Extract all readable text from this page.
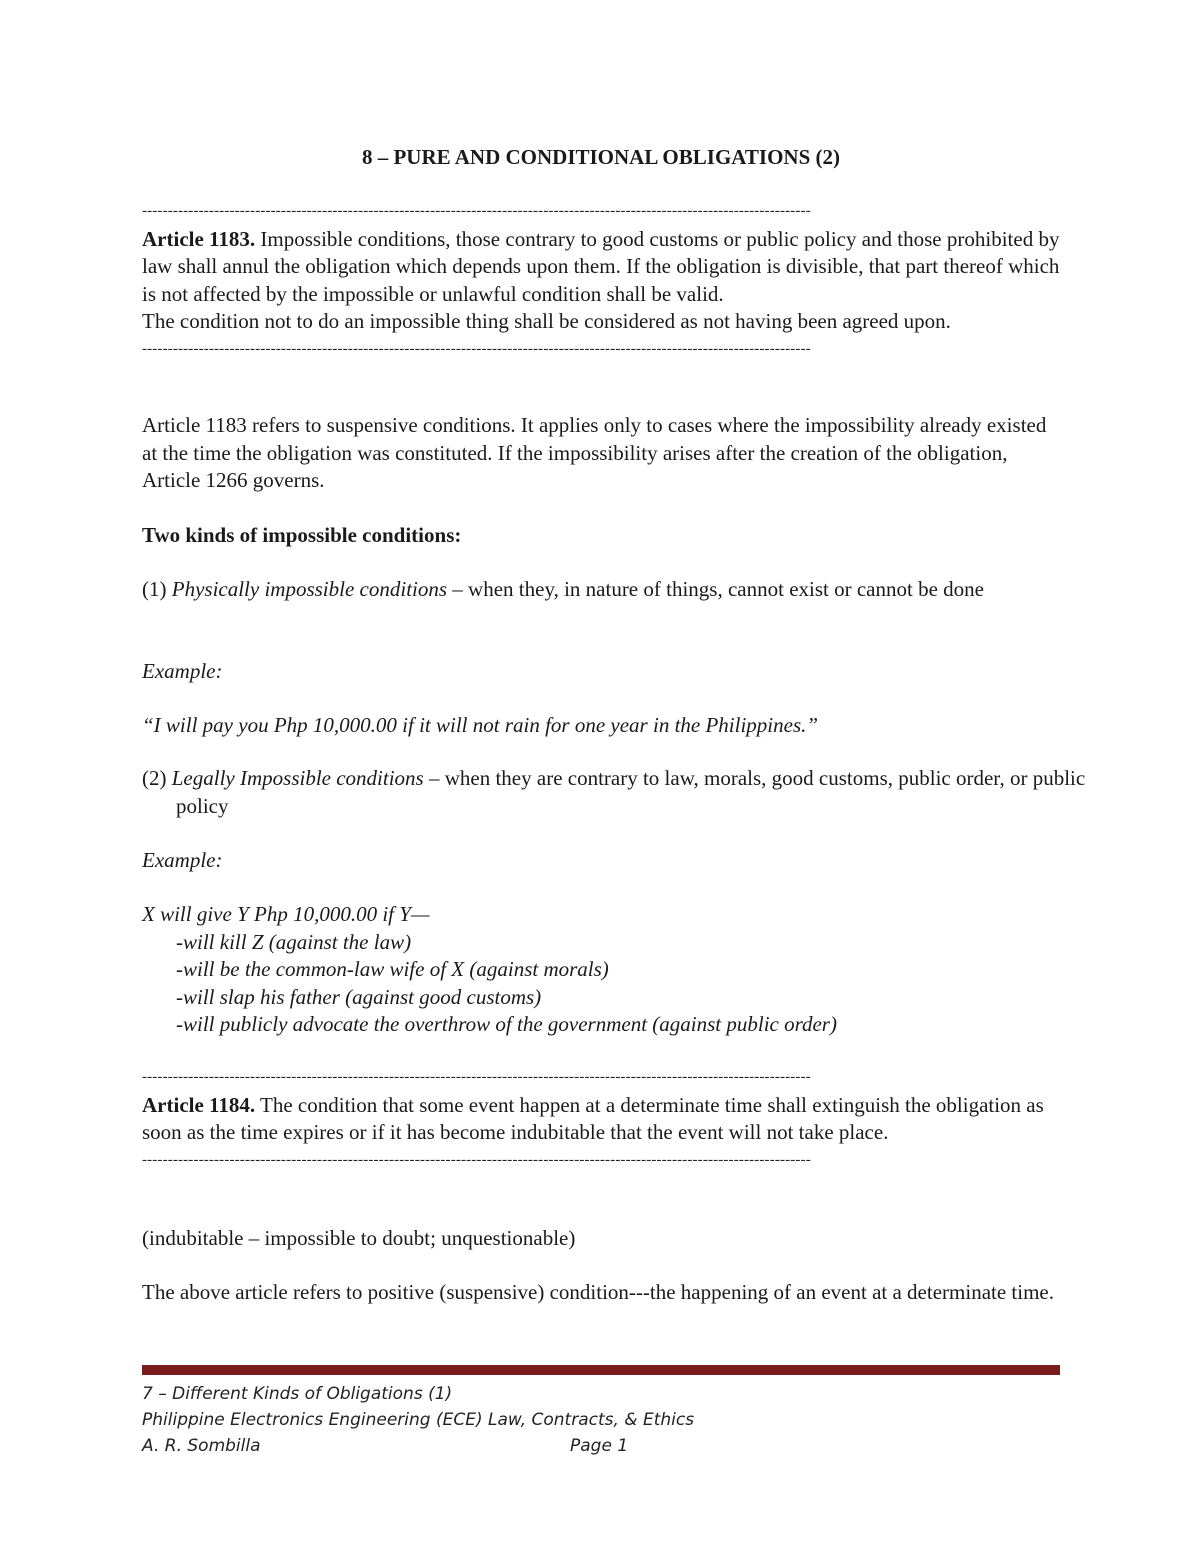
8 – PURE AND CONDITIONAL OBLIGATIONS (2)
----------------------------------------------------------------------------------------------------------------------------------

Article 1183. Impossible conditions, those contrary to good customs or public policy and those prohibited by law shall annul the obligation which depends upon them. If the obligation is divisible, that part thereof which is not affected by the impossible or unlawful condition shall be valid.

The condition not to do an impossible thing shall be considered as not having been agreed upon.

----------------------------------------------------------------------------------------------------------------------------------

Article 1183 refers to suspensive conditions. It applies only to cases where the impossibility already existed at the time the obligation was constituted. If the impossibility arises after the creation of the obligation, Article 1266 governs.

Two kinds of impossible conditions:

(1) Physically impossible conditions – when they, in nature of things, cannot exist or cannot be done

Example:

“I will pay you Php 10,000.00 if it will not rain for one year in the Philippines.”

(2) Legally Impossible conditions – when they are contrary to law, morals, good customs, public order, or public policy

Example:

X will give Y Php 10,000.00 if Y—

-will kill Z (against the law)

-will be the common-law wife of X (against morals)

-will slap his father (against good customs)

-will publicly advocate the overthrow of the government (against public order)

----------------------------------------------------------------------------------------------------------------------------------

Article 1184. The condition that some event happen at a determinate time shall extinguish the obligation as soon as the time expires or if it has become indubitable that the event will not take place.

----------------------------------------------------------------------------------------------------------------------------------

(indubitable – impossible to doubt; unquestionable)

The above article refers to positive (suspensive) condition---the happening of an event at a determinate time.

7 – Different Kinds of Obligations (1)
Philippine Electronics Engineering (ECE) Law, Contracts, & Ethics
A. R. Sombilla	Page 1
